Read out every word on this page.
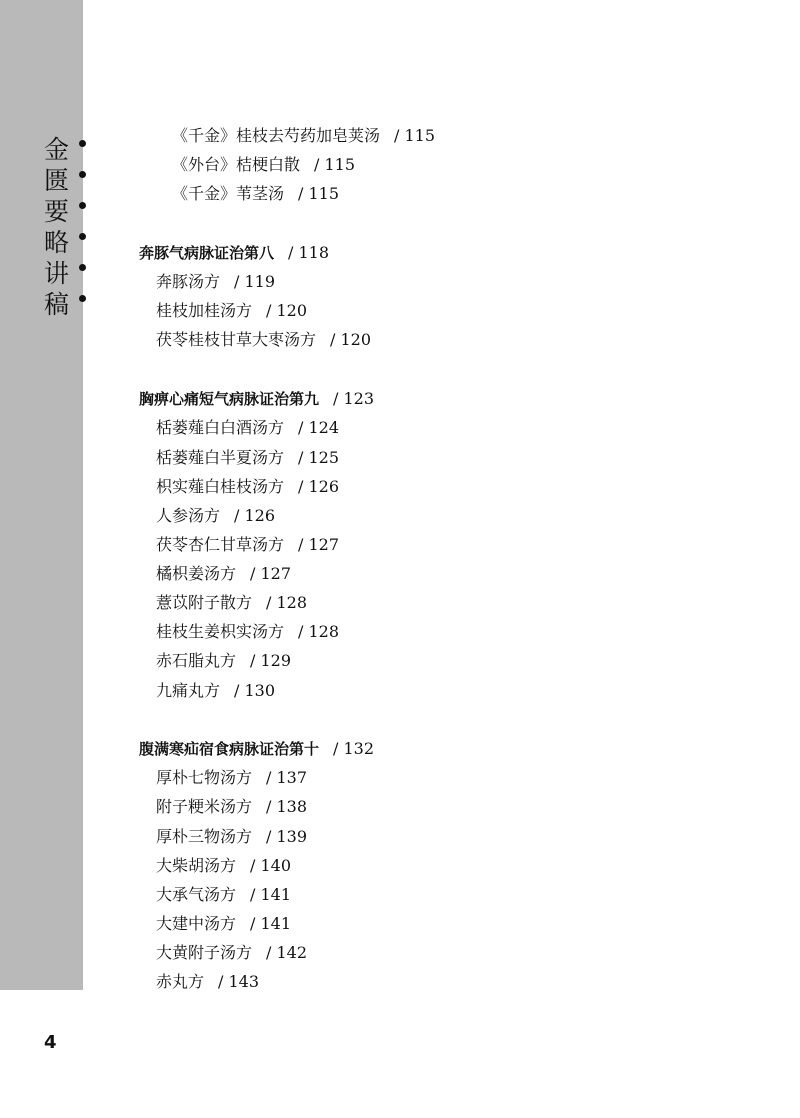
金
匮
要
略
讲
稿
《千金》桂枝去芍药加皂荚汤 / 115
《外台》桔梗白散 / 115
《千金》苇茎汤 / 115
奔豚气病脉证治第八 / 118
奔豚汤方 / 119
桂枝加桂汤方 / 120
茯苓桂枝甘草大枣汤方 / 120
胸痹心痛短气病脉证治第九 / 123
栝蒌薤白白酒汤方 / 124
栝蒌薤白半夏汤方 / 125
枳实薤白桂枝汤方 / 126
人参汤方 / 126
茯苓杏仁甘草汤方 / 127
橘枳姜汤方 / 127
薏苡附子散方 / 128
桂枝生姜枳实汤方 / 128
赤石脂丸方 / 129
九痛丸方 / 130
腹满寒疝宿食病脉证治第十 / 132
厚朴七物汤方 / 137
附子粳米汤方 / 138
厚朴三物汤方 / 139
大柴胡汤方 / 140
大承气汤方 / 141
大建中汤方 / 141
大黄附子汤方 / 142
赤丸方 / 143
4
